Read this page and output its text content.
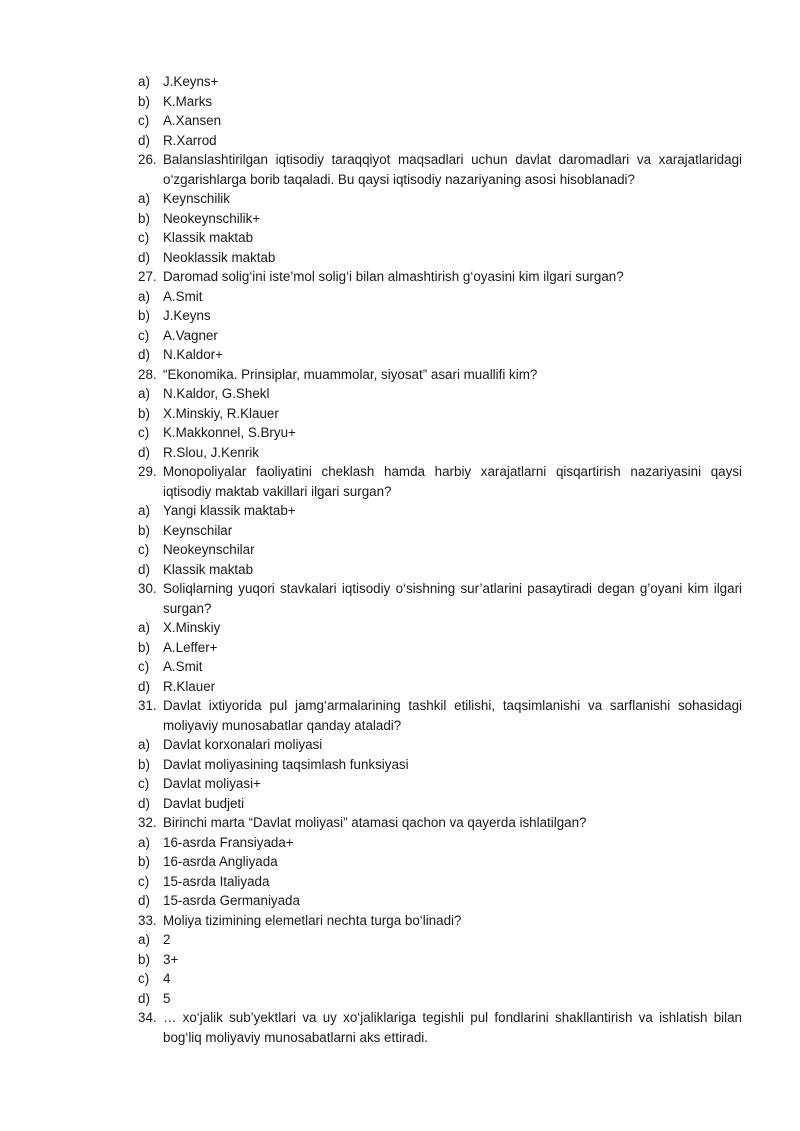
a) J.Keyns+
b) K.Marks
c)	A.Xansen
d) R.Xarrod
26. Balanslashtirilgan iqtisodiy taraqqiyot maqsadlari uchun davlat daromadlari va xarajatlaridagi o‘zgarishlarga borib taqaladi. Bu qaysi iqtisodiy nazariyaning asosi hisoblanadi?
a) Keynschilik
b) Neokeynschilik+
c)	Klassik maktab
d) Neoklassik maktab
27. Daromad solig‘ini iste’mol solig‘i bilan almashtirish g‘oyasini kim ilgari surgan?
a) A.Smit
b) J.Keyns
c)	A.Vagner
d) N.Kaldor+
28. “Ekonomika. Prinsiplar, muammolar, siyosat” asari muallifi kim?
a) N.Kaldor, G.Shekl
b) X.Minskiy, R.Klauer
c)	K.Makkonnel, S.Bryu+
d) R.Slou, J.Kenrik
29. Monopoliyalar faoliyatini cheklash hamda harbiy xarajatlarni qisqartirish nazariyasini qaysi iqtisodiy maktab vakillari ilgari surgan?
a) Yangi klassik maktab+
b) Keynschilar
c)	Neokeynschilar
d) Klassik maktab
30. Soliqlarning yuqori stavkalari iqtisodiy o‘sishning sur’atlarini pasaytiradi degan g’oyani kim ilgari surgan?
a) X.Minskiy
b) A.Leffer+
c)	A.Smit
d) R.Klauer
31. Davlat ixtiyorida pul jamg‘armalarining tashkil etilishi, taqsimlanishi va sarflanishi sohasidagi moliyaviy munosabatlar qanday ataladi?
a) Davlat korxonalari moliyasi
b) Davlat moliyasining taqsimlash funksiyasi
c)	Davlat moliyasi+
d) Davlat budjeti
32. Birinchi marta “Davlat moliyasi” atamasi qachon va qayerda ishlatilgan?
a) 16-asrda Fransiyada+
b) 16-asrda Angliyada
c)	15-asrda Italiyada
d) 15-asrda Germaniyada
33. Moliya tizimining elemetlari nechta turga bo‘linadi?
a) 2
b) 3+
c)	4
d) 5
34. … xo‘jalik sub’yektlari va uy xo‘jaliklariga tegishli pul fondlarini shakllantirish va ishlatish bilan bog‘liq moliyaviy munosabatlarni aks ettiradi.
